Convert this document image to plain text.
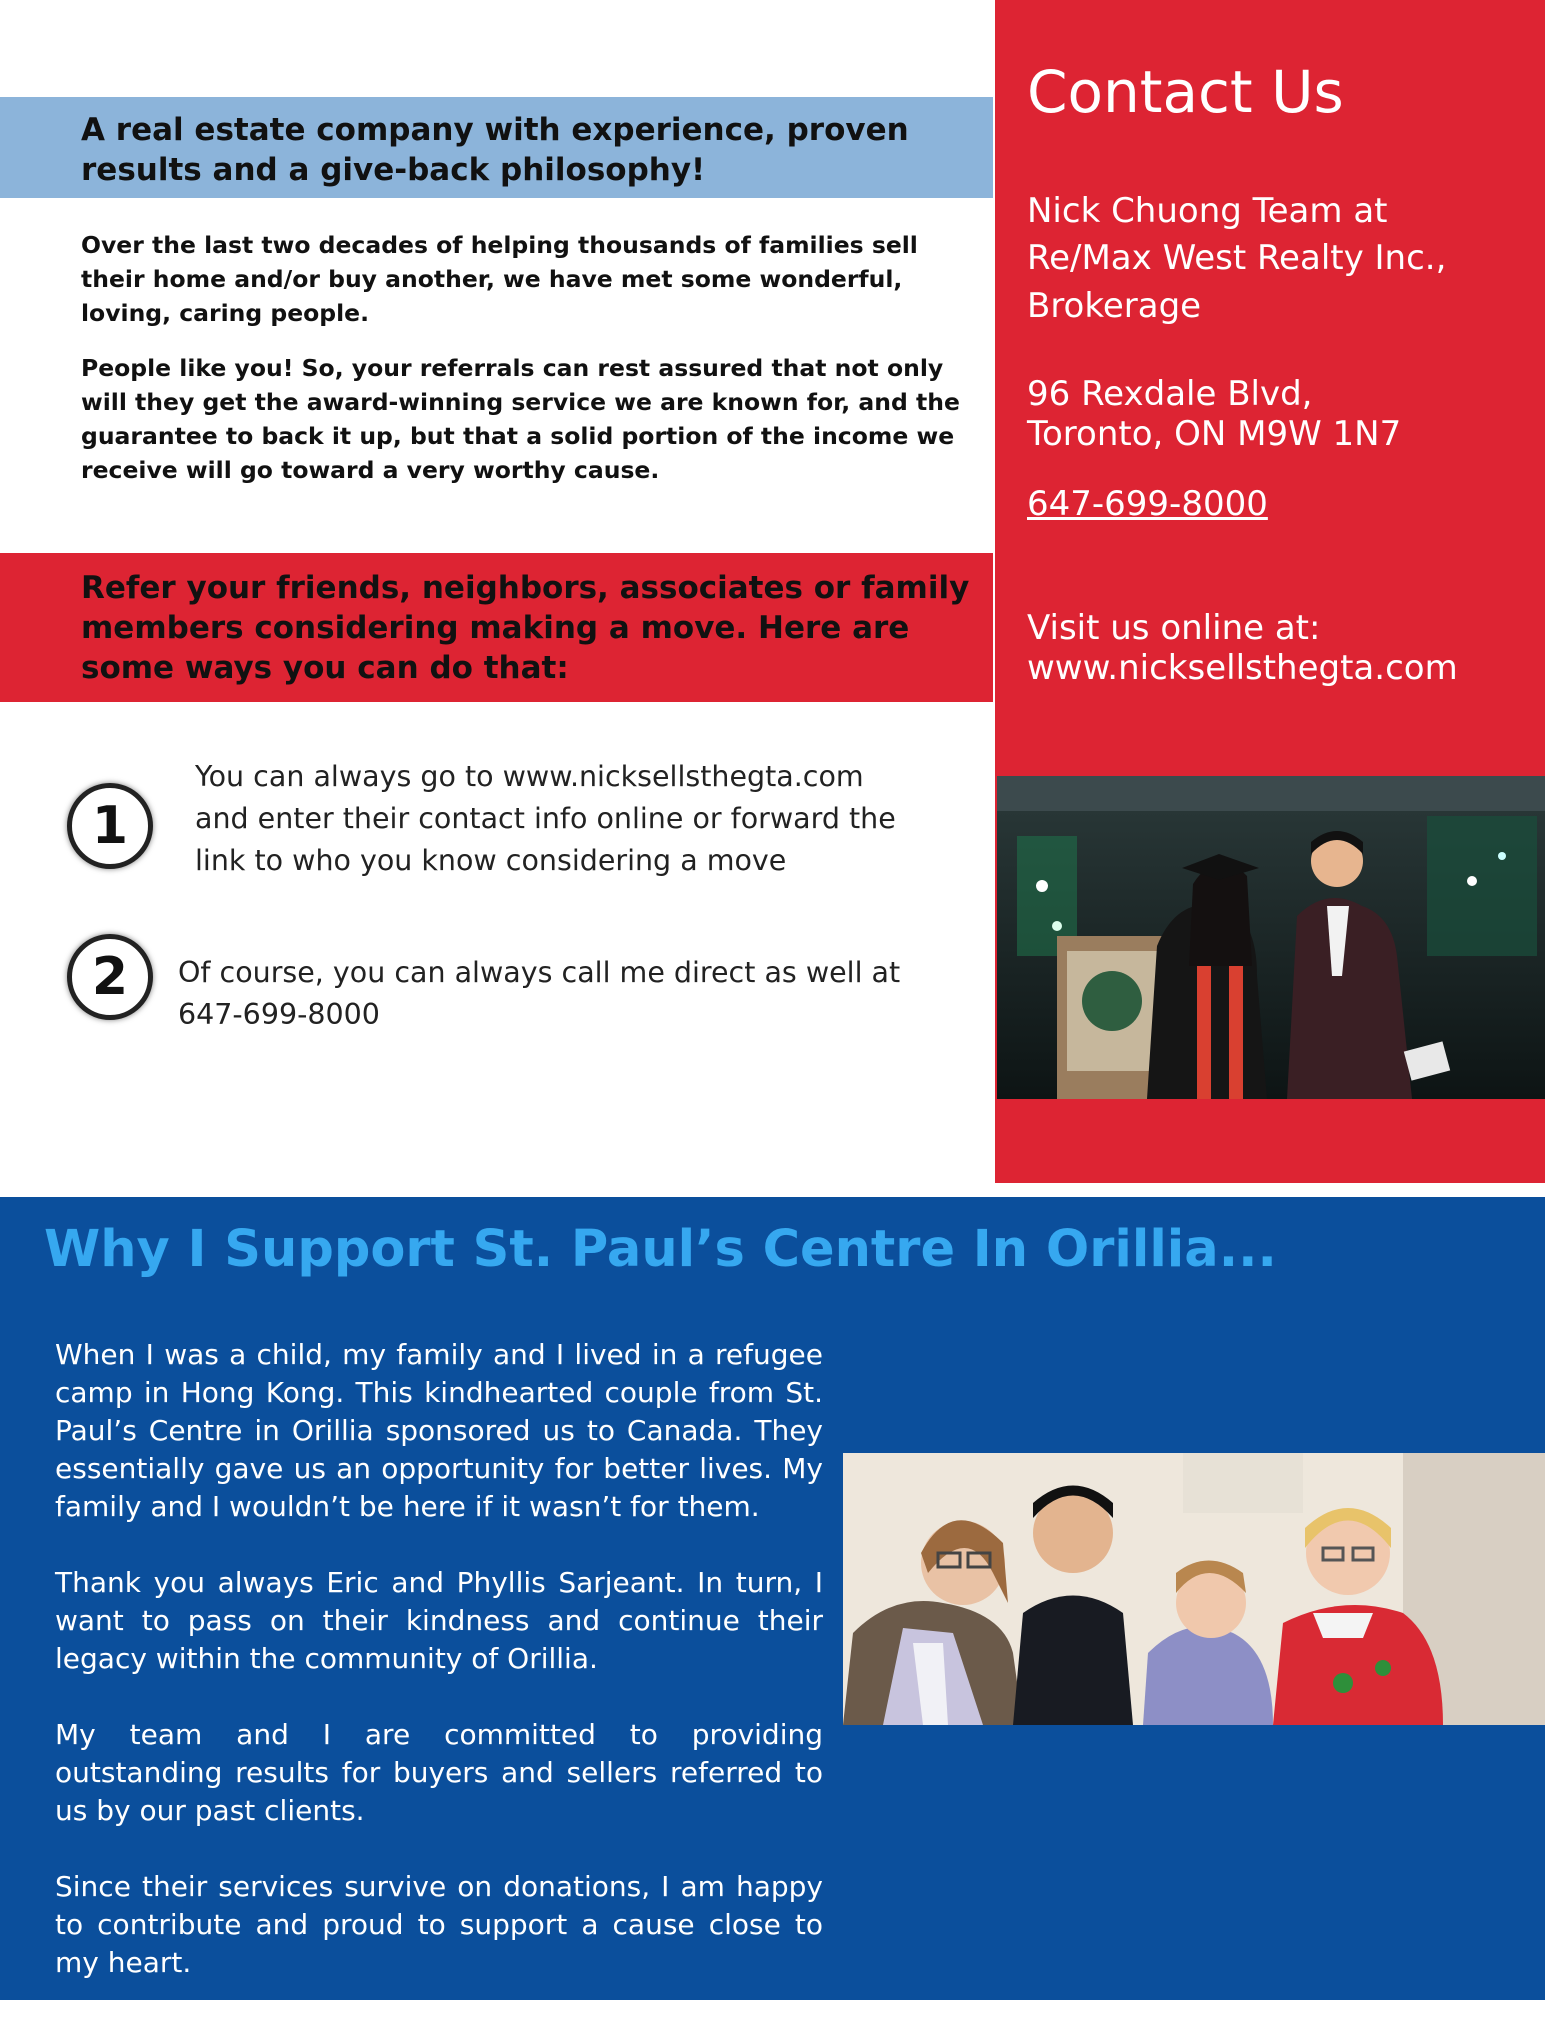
A real estate company with experience, proven results and a give-back philosophy!

Over the last two decades of helping thousands of families sell their home and/or buy another, we have met some wonderful, loving, caring people.

People like you! So, your referrals can rest assured that not only will they get the award-winning service we are known for, and the guarantee to back it up, but that a solid portion of the income we receive will go toward a very worthy cause.

Refer your friends, neighbors, associates or family members considering making a move. Here are some ways you can do that:
1
You can always go to www.nicksellsthegta.com and enter their contact info online or forward the link to who you know considering a move
2	Of course, you can always call me direct as well at 647-699-8000
Contact Us
Nick Chuong Team at
Re/Max West Realty Inc.,
Brokerage
96 Rexdale Blvd,
Toronto, ON M9W 1N7
647-699-8000
Visit us online at:
www.nicksellsthegta.com
Why I Support St. Paul’s Centre In Orillia...

When I was a child, my family and I lived in a refugee camp in Hong Kong. This kindhearted couple from St. Paul’s Centre in Orillia sponsored us to Canada. They essentially gave us an opportunity for better lives. My family and I wouldn’t be here if it wasn’t for them.

Thank you always Eric and Phyllis Sarjeant. In turn, I want to pass on their kindness and continue their legacy within the community of Orillia.

My team and I are committed to providing outstanding results for buyers and sellers referred to us by our past clients.

Since their services survive on donations, I am happy to contribute and proud to support a cause close to my heart.
